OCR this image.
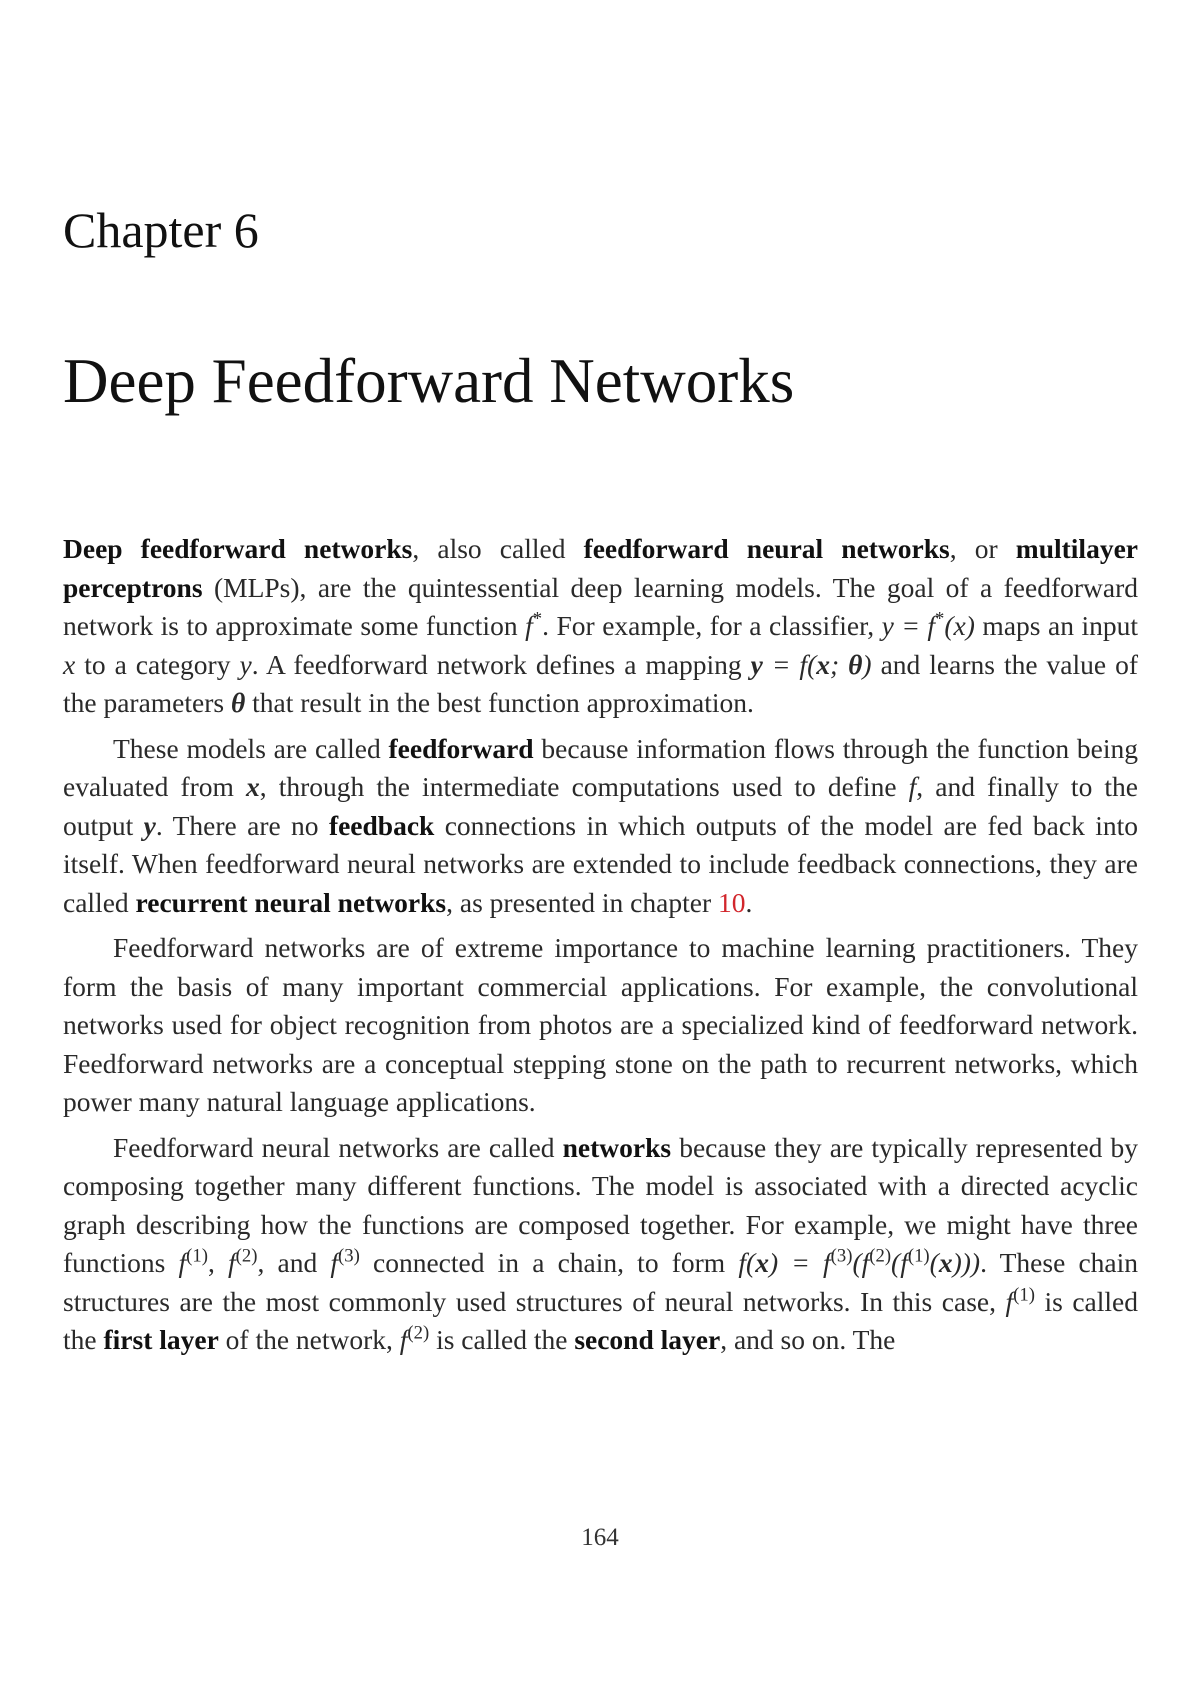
Chapter 6
Deep Feedforward Networks

Deep feedforward networks, also called feedforward neural networks, or multilayer perceptrons (MLPs), are the quintessential deep learning models. The goal of a feedforward network is to approximate some function f*. For example, for a classifier, y = f*(x) maps an input x to a category y. A feedforward network defines a mapping y = f(x; θ) and learns the value of the parameters θ that result in the best function approximation.

These models are called feedforward because information flows through the function being evaluated from x, through the intermediate computations used to define f, and finally to the output y. There are no feedback connections in which outputs of the model are fed back into itself. When feedforward neural networks are extended to include feedback connections, they are called recurrent neural networks, as presented in chapter 10.

Feedforward networks are of extreme importance to machine learning practitioners. They form the basis of many important commercial applications. For example, the convolutional networks used for object recognition from photos are a specialized kind of feedforward network. Feedforward networks are a conceptual stepping stone on the path to recurrent networks, which power many natural language applications.

Feedforward neural networks are called networks because they are typically represented by composing together many different functions. The model is associated with a directed acyclic graph describing how the functions are composed together. For example, we might have three functions $f^{(1)}$, $f^{(2)}$, and $f^{(3)}$ connected in a chain, to form $f(x) = f^{(3)}(f^{(2)}(f^{(1)}(x)))$. These chain structures are the most commonly used structures of neural networks. In this case, $f^{(1)}$ is called the first layer of the network, $f^{(2)}$ is called the second layer, and so on. The

164
